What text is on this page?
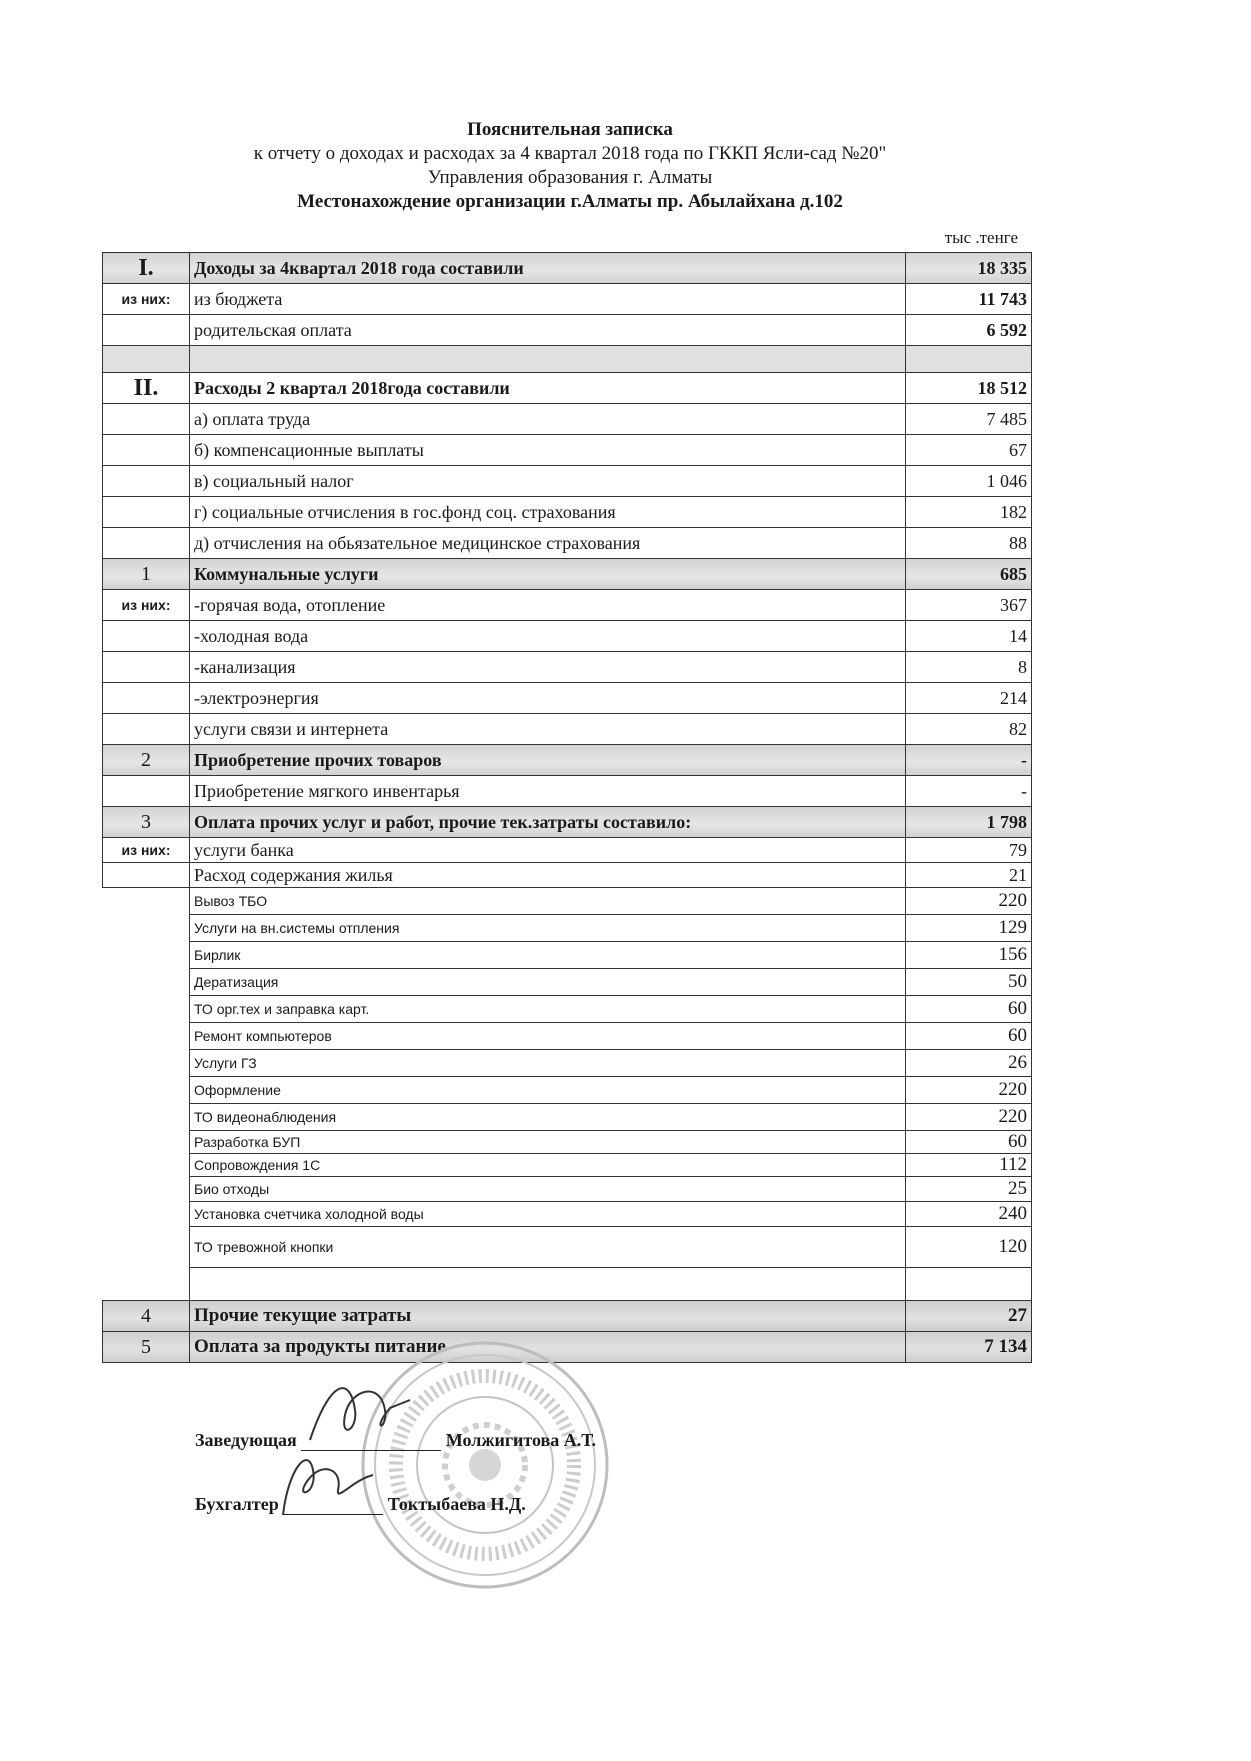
Пояснительная записка
к отчету о доходах и расходах за 4 квартал 2018 года по ГККП Ясли-сад №20"
Управления образования г. Алматы
Местонахождение организации г.Алматы пр. Абылайхана д.102
тыс .тенге
I.	Доходы за 4квартал 2018 года составили	18 335
из них:	из бюджета	11 743
	родительская оплата	6 592

II.	Расходы 2 квартал 2018года составили	18 512
	а) оплата труда	7 485
	б) компенсационные выплаты	67
	в) социальный налог	1 046
	г) социальные отчисления в гос.фонд соц. страхования	182
	д) отчисления на обьязательное медицинское страхования	88
1	Коммунальные услуги	685
из них:	-горячая вода, отопление	367
	-холодная вода	14
	-канализация	8
	-электроэнергия	214
	услуги связи и интернета	82
2	Приобретение прочих товаров	-
	Приобретение мягкого инвентарья	-
3	Оплата прочих услуг и работ, прочие тек.затраты составило:	1 798
из них:	услуги банка	79
	Расход содержания жилья	21
	Вывоз ТБО	220
	Услуги на вн.системы отпления	129
	Бирлик	156
	Дератизация	50
	ТО орг.тех и заправка карт.	60
	Ремонт компьютеров	60
	Услуги ГЗ	26
	Оформление	220
	ТО видеонаблюдения	220
	Разработка БУП	60
	Сопровождения 1С	112
	Био отходы	25
	Установка счетчика холодной воды	240
	ТО тревожной кнопки	120

4	Прочие текущие затраты	27
5	Оплата за продукты питание	7 134
Заведующая	Молжигитова А.Т.
Бухгалтер	Токтыбаева Н.Д.
